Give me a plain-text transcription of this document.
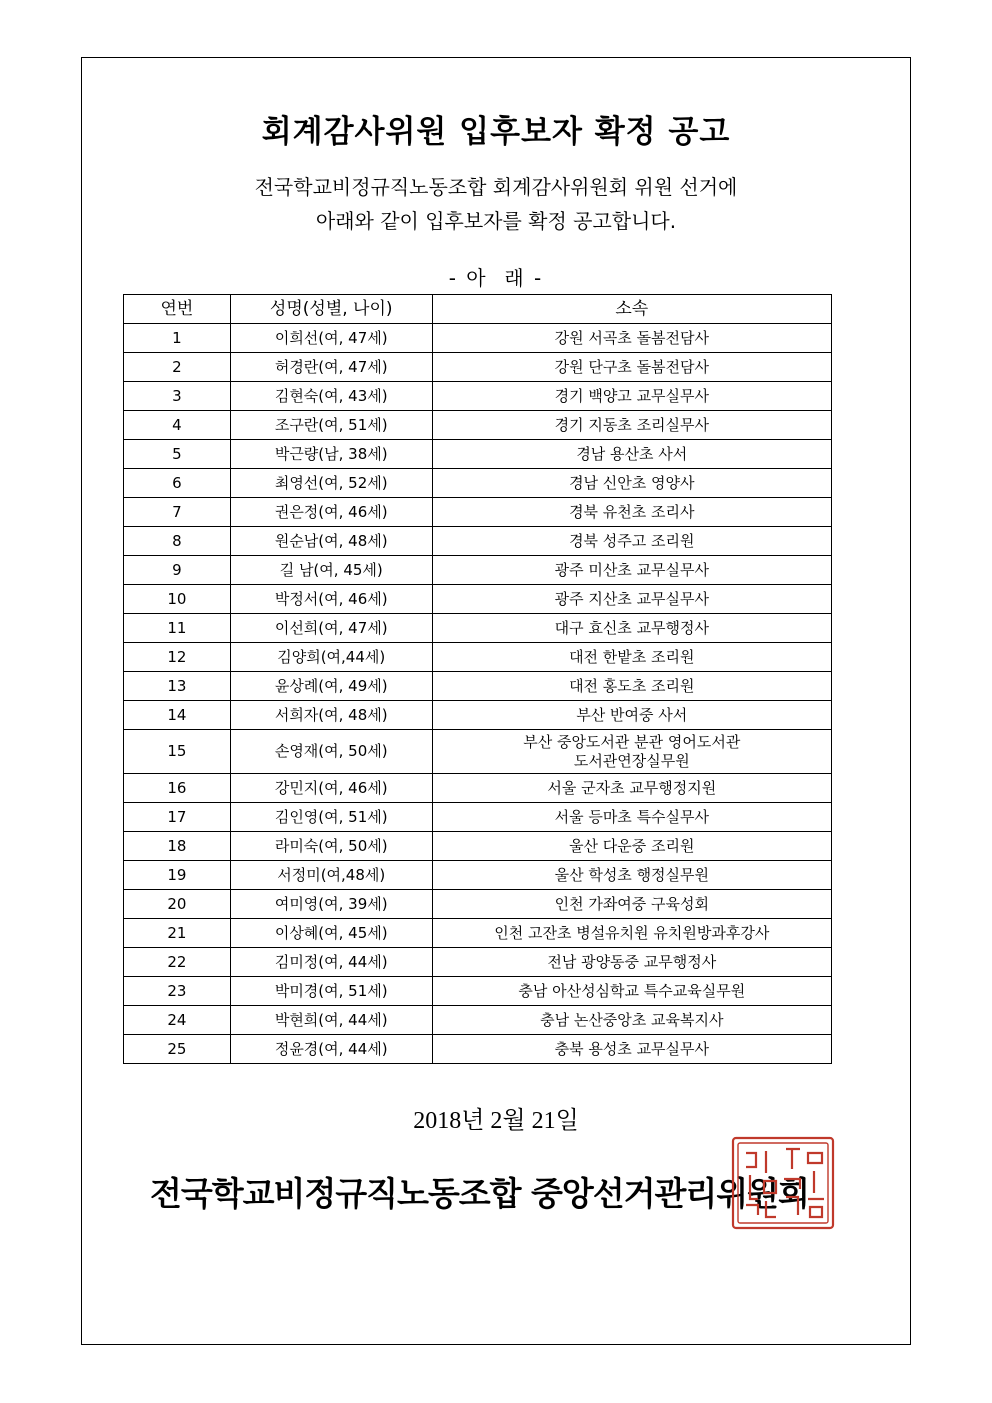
회계감사위원 입후보자 확정 공고
전국학교비정규직노동조합 회계감사위원회 위원 선거에
아래와 같이 입후보자를 확정 공고합니다.
- 아  래 -
연번	성명(성별, 나이)	소속
1	이희선(여, 47세)	강원 서곡초 돌봄전담사

2	허경란(여, 47세)	강원 단구초 돌봄전담사

3	김현숙(여, 43세)	경기 백양고 교무실무사

4	조구란(여, 51세)	경기 지동초 조리실무사

5	박근량(남, 38세)	경남 용산초 사서

6	최영선(여, 52세)	경남 신안초 영양사

7	권은정(여, 46세)	경북 유천초 조리사

8	원순남(여, 48세)	경북 성주고 조리원

9	길 남(여, 45세)	광주 미산초 교무실무사

10	박정서(여, 46세)	광주 지산초 교무실무사

11	이선희(여, 47세)	대구 효신초 교무행정사

12	김양희(여,44세)	대전 한밭초 조리원

13	윤상례(여, 49세)	대전 홍도초 조리원

14	서희자(여, 48세)	부산 반여중 사서

15	손영재(여, 50세)	부산 중앙도서관 분관 영어도서관
도서관연장실무원

16	강민지(여, 46세)	서울 군자초 교무행정지원

17	김인영(여, 51세)	서울 등마초 특수실무사

18	라미숙(여, 50세)	울산 다운중 조리원

19	서정미(여,48세)	울산 학성초 행정실무원

20	여미영(여, 39세)	인천 가좌여중 구육성회

21	이상혜(여, 45세)	인천 고잔초 병설유치원 유치원방과후강사

22	김미정(여, 44세)	전남 광양동중 교무행정사

23	박미경(여, 51세)	충남 아산성심학교 특수교육실무원

24	박현희(여, 44세)	충남 논산중앙초 교육복지사

25	정윤경(여, 44세)	충북 용성초 교무실무사
2018년 2월 21일
전국학교비정규직노동조합 중앙선거관리위원회
